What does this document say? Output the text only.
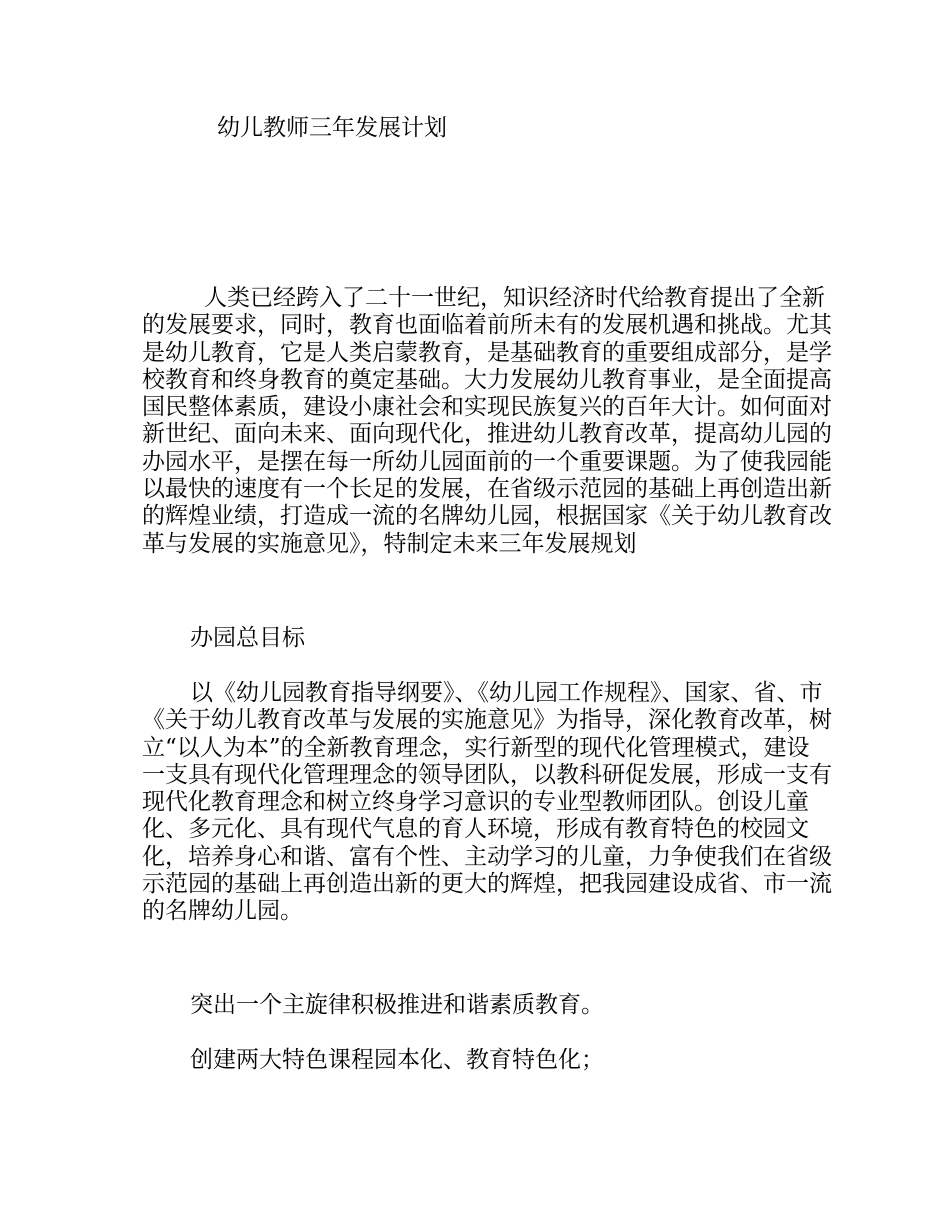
幼儿教师三年发展计划

人类已经跨入了二十一世纪，知识经济时代给教育提出了全新的发展要求，同时，教育也面临着前所未有的发展机遇和挑战。尤其是幼儿教育，它是人类启蒙教育，是基础教育的重要组成部分，是学校教育和终身教育的奠定基础。大力发展幼儿教育事业，是全面提高国民整体素质，建设小康社会和实现民族复兴的百年大计。如何面对新世纪、面向未来、面向现代化，推进幼儿教育改革，提高幼儿园的办园水平，是摆在每一所幼儿园面前的一个重要课题。为了使我园能以最快的速度有一个长足的发展，在省级示范园的基础上再创造出新的辉煌业绩，打造成一流的名牌幼儿园，根据国家《关于幼儿教育改革与发展的实施意见》，特制定未来三年发展规划

办园总目标

以《幼儿园教育指导纲要》、《幼儿园工作规程》、国家、省、市《关于幼儿教育改革与发展的实施意见》为指导，深化教育改革，树立“以人为本”的全新教育理念，实行新型的现代化管理模式，建设一支具有现代化管理理念的领导团队，以教科研促发展，形成一支有现代化教育理念和树立终身学习意识的专业型教师团队。创设儿童化、多元化、具有现代气息的育人环境，形成有教育特色的校园文化，培养身心和谐、富有个性、主动学习的儿童，力争使我们在省级示范园的基础上再创造出新的更大的辉煌，把我园建设成省、市一流的名牌幼儿园。

突出一个主旋律积极推进和谐素质教育。

创建两大特色课程园本化、教育特色化；
